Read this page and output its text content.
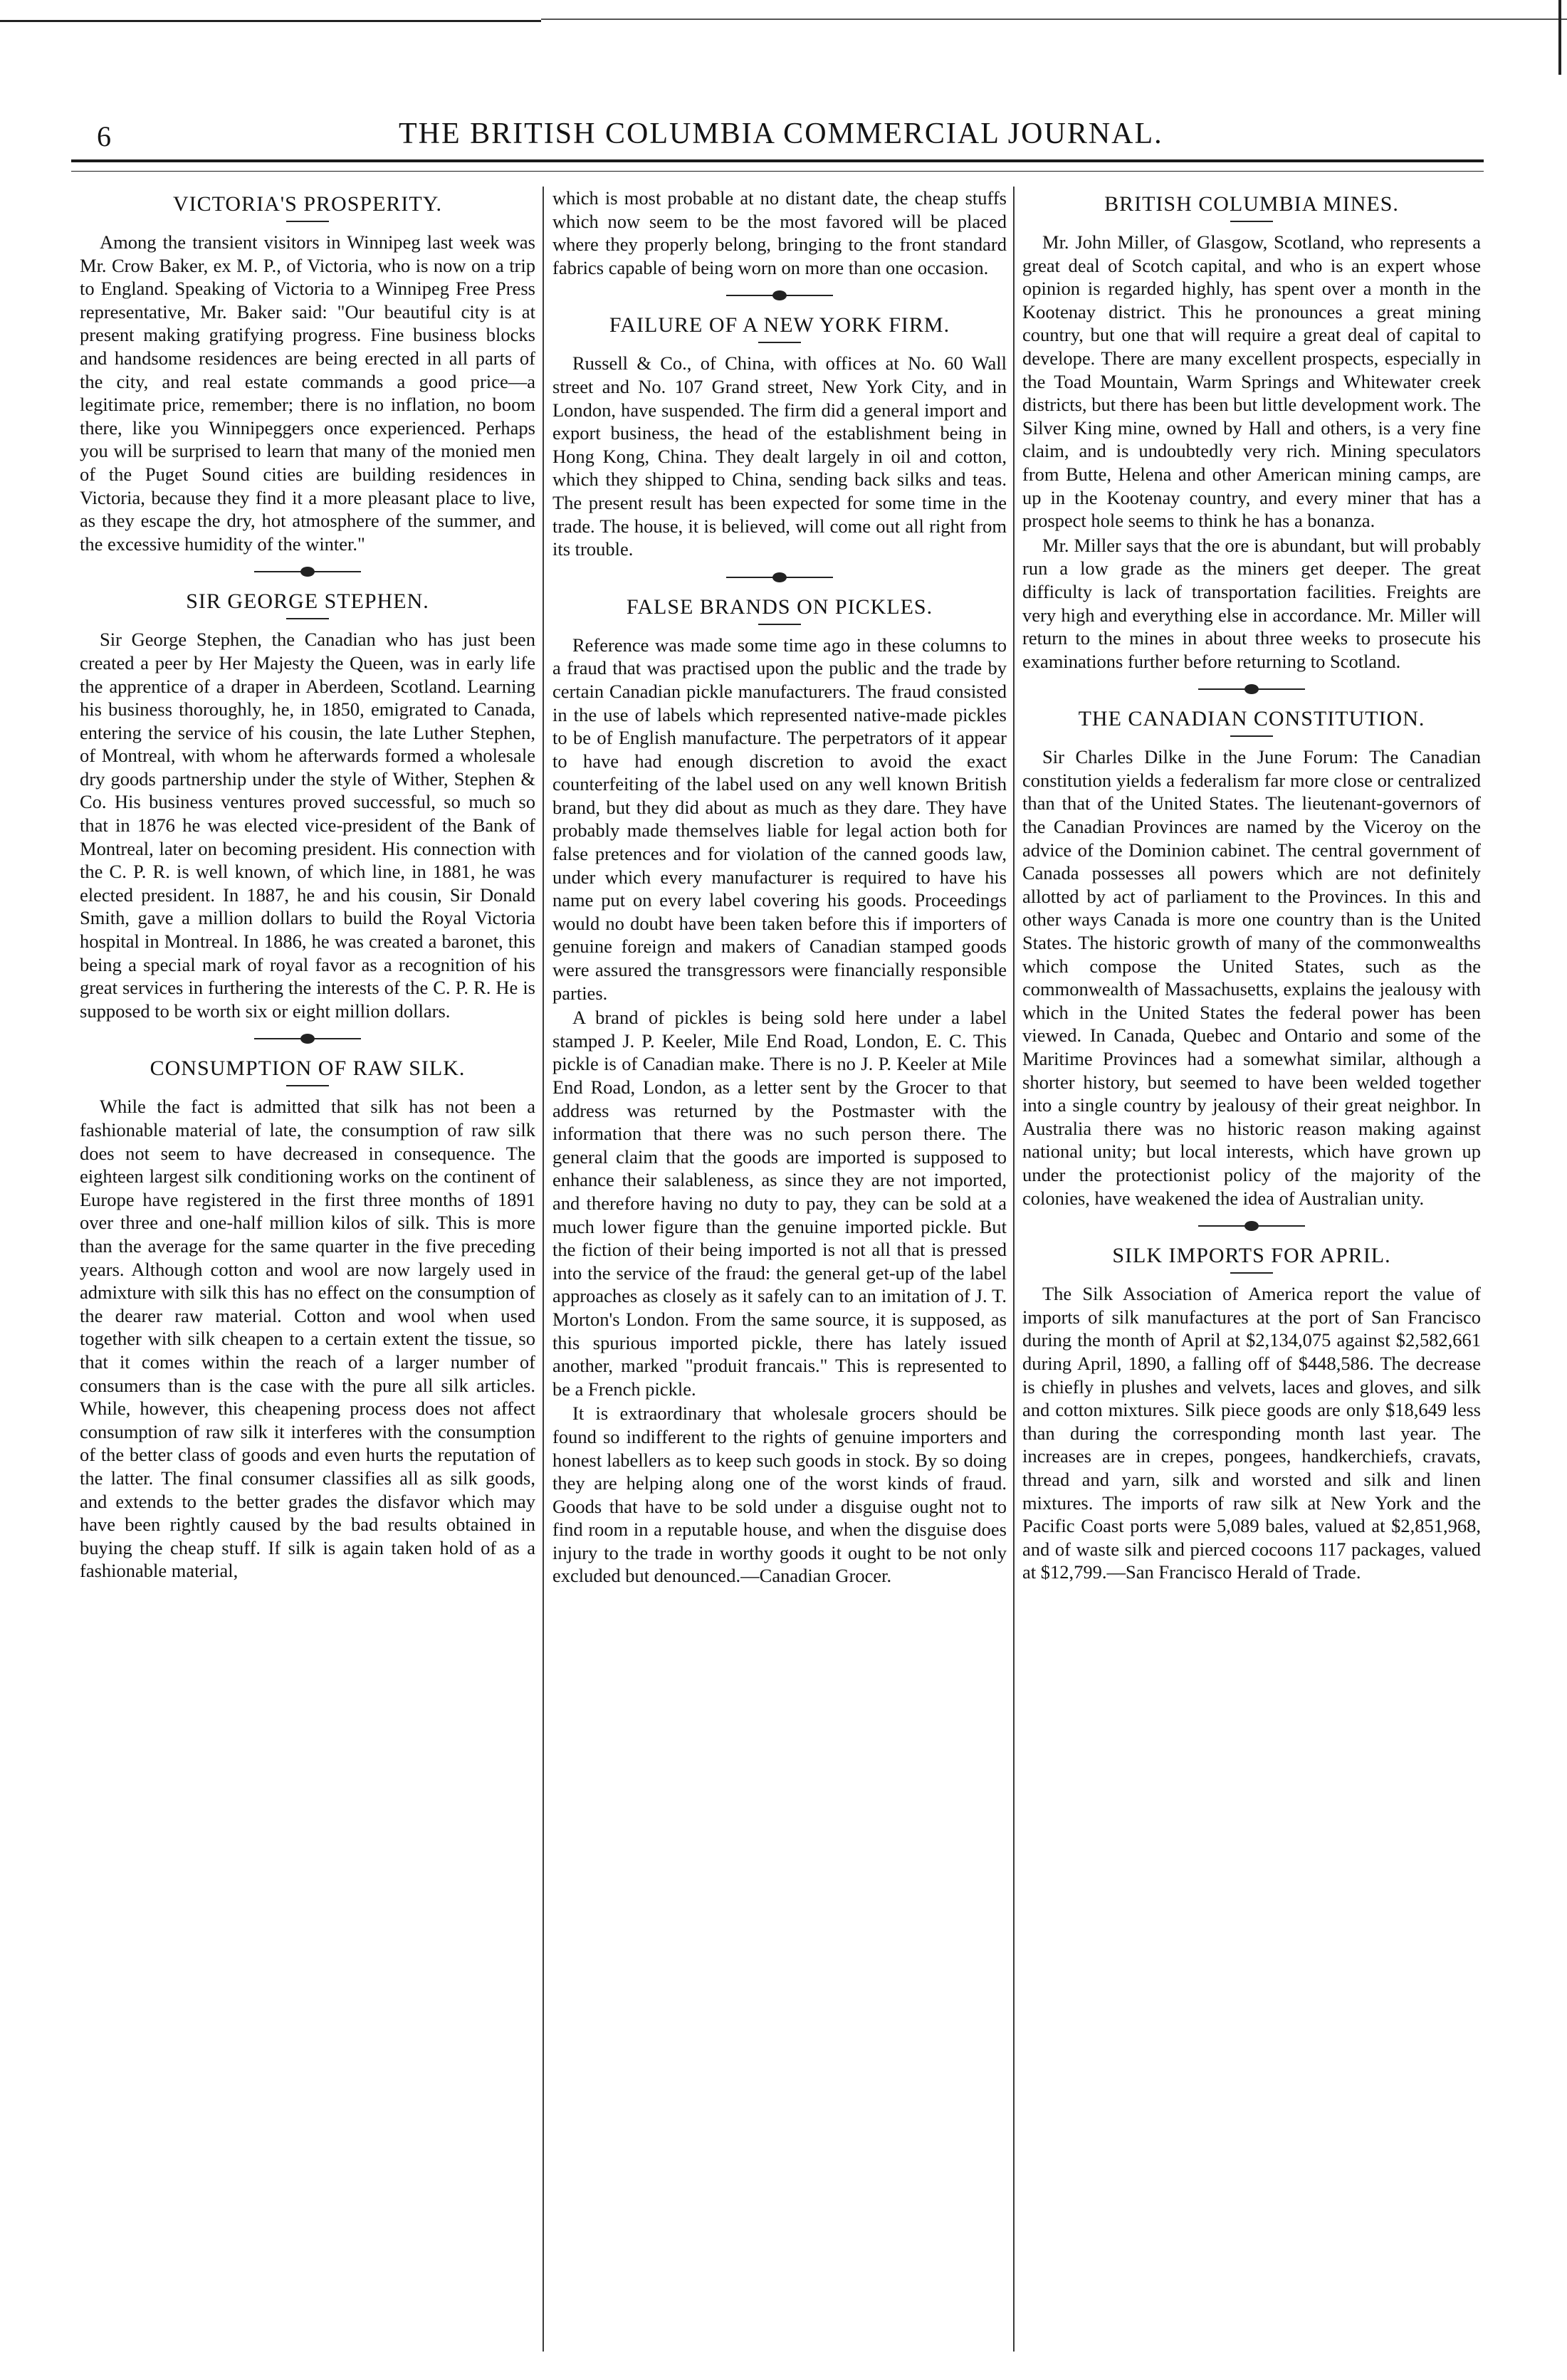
6	THE BRITISH COLUMBIA COMMERCIAL JOURNAL.
VICTORIA'S PROSPERITY.

Among the transient visitors in Winnipeg last week was Mr. Crow Baker, ex M. P., of Victoria, who is now on a trip to England. Speaking of Victoria to a Winnipeg Free Press representative, Mr. Baker said: "Our beautiful city is at present making gratifying progress. Fine business blocks and handsome residences are being erected in all parts of the city, and real estate commands a good price—a legitimate price, remember; there is no inflation, no boom there, like you Winnipeggers once experienced. Perhaps you will be surprised to learn that many of the monied men of the Puget Sound cities are building residences in Victoria, because they find it a more pleasant place to live, as they escape the dry, hot atmosphere of the summer, and the excessive humidity of the winter."

SIR GEORGE STEPHEN.

Sir George Stephen, the Canadian who has just been created a peer by Her Majesty the Queen, was in early life the apprentice of a draper in Aberdeen, Scotland. Learning his business thoroughly, he, in 1850, emigrated to Canada, entering the service of his cousin, the late Luther Stephen, of Montreal, with whom he afterwards formed a wholesale dry goods partnership under the style of Wither, Stephen & Co. His business ventures proved successful, so much so that in 1876 he was elected vice-president of the Bank of Montreal, later on becoming president. His connection with the C. P. R. is well known, of which line, in 1881, he was elected president. In 1887, he and his cousin, Sir Donald Smith, gave a million dollars to build the Royal Victoria hospital in Montreal. In 1886, he was created a baronet, this being a special mark of royal favor as a recognition of his great services in furthering the interests of the C. P. R. He is supposed to be worth six or eight million dollars.

CONSUMPTION OF RAW SILK.

While the fact is admitted that silk has not been a fashionable material of late, the consumption of raw silk does not seem to have decreased in consequence. The eighteen largest silk conditioning works on the continent of Europe have registered in the first three months of 1891 over three and one-half million kilos of silk. This is more than the average for the same quarter in the five preceding years. Although cotton and wool are now largely used in admixture with silk this has no effect on the consumption of the dearer raw material. Cotton and wool when used together with silk cheapen to a certain extent the tissue, so that it comes within the reach of a larger number of consumers than is the case with the pure all silk articles. While, however, this cheapening process does not affect consumption of raw silk it interferes with the consumption of the better class of goods and even hurts the reputation of the latter. The final consumer classifies all as silk goods, and extends to the better grades the disfavor which may have been rightly caused by the bad results obtained in buying the cheap stuff. If silk is again taken hold of as a fashionable material,

which is most probable at no distant date, the cheap stuffs which now seem to be the most favored will be placed where they properly belong, bringing to the front standard fabrics capable of being worn on more than one occasion.

FAILURE OF A NEW YORK FIRM.

Russell & Co., of China, with offices at No. 60 Wall street and No. 107 Grand street, New York City, and in London, have suspended. The firm did a general import and export business, the head of the establishment being in Hong Kong, China. They dealt largely in oil and cotton, which they shipped to China, sending back silks and teas. The present result has been expected for some time in the trade. The house, it is believed, will come out all right from its trouble.

FALSE BRANDS ON PICKLES.

Reference was made some time ago in these columns to a fraud that was practised upon the public and the trade by certain Canadian pickle manufacturers. The fraud consisted in the use of labels which represented native-made pickles to be of English manufacture. The perpetrators of it appear to have had enough discretion to avoid the exact counterfeiting of the label used on any well known British brand, but they did about as much as they dare. They have probably made themselves liable for legal action both for false pretences and for violation of the canned goods law, under which every manufacturer is required to have his name put on every label covering his goods. Proceedings would no doubt have been taken before this if importers of genuine foreign and makers of Canadian stamped goods were assured the transgressors were financially responsible parties.

A brand of pickles is being sold here under a label stamped J. P. Keeler, Mile End Road, London, E. C. This pickle is of Canadian make. There is no J. P. Keeler at Mile End Road, London, as a letter sent by the Grocer to that address was returned by the Postmaster with the information that there was no such person there. The general claim that the goods are imported is supposed to enhance their salableness, as since they are not imported, and therefore having no duty to pay, they can be sold at a much lower figure than the genuine imported pickle. But the fiction of their being imported is not all that is pressed into the service of the fraud: the general get-up of the label approaches as closely as it safely can to an imitation of J. T. Morton's London. From the same source, it is supposed, as this spurious imported pickle, there has lately issued another, marked "produit francais." This is represented to be a French pickle.

It is extraordinary that wholesale grocers should be found so indifferent to the rights of genuine importers and honest labellers as to keep such goods in stock. By so doing they are helping along one of the worst kinds of fraud. Goods that have to be sold under a disguise ought not to find room in a reputable house, and when the disguise does injury to the trade in worthy goods it ought to be not only excluded but denounced.—Canadian Grocer.

BRITISH COLUMBIA MINES.

Mr. John Miller, of Glasgow, Scotland, who represents a great deal of Scotch capital, and who is an expert whose opinion is regarded highly, has spent over a month in the Kootenay district. This he pronounces a great mining country, but one that will require a great deal of capital to develope. There are many excellent prospects, especially in the Toad Mountain, Warm Springs and Whitewater creek districts, but there has been but little development work. The Silver King mine, owned by Hall and others, is a very fine claim, and is undoubtedly very rich. Mining speculators from Butte, Helena and other American mining camps, are up in the Kootenay country, and every miner that has a prospect hole seems to think he has a bonanza.

Mr. Miller says that the ore is abundant, but will probably run a low grade as the miners get deeper. The great difficulty is lack of transportation facilities. Freights are very high and everything else in accordance. Mr. Miller will return to the mines in about three weeks to prosecute his examinations further before returning to Scotland.

THE CANADIAN CONSTITUTION.

Sir Charles Dilke in the June Forum: The Canadian constitution yields a federalism far more close or centralized than that of the United States. The lieutenant-governors of the Canadian Provinces are named by the Viceroy on the advice of the Dominion cabinet. The central government of Canada possesses all powers which are not definitely allotted by act of parliament to the Provinces. In this and other ways Canada is more one country than is the United States. The historic growth of many of the commonwealths which compose the United States, such as the commonwealth of Massachusetts, explains the jealousy with which in the United States the federal power has been viewed. In Canada, Quebec and Ontario and some of the Maritime Provinces had a somewhat similar, although a shorter history, but seemed to have been welded together into a single country by jealousy of their great neighbor. In Australia there was no historic reason making against national unity; but local interests, which have grown up under the protectionist policy of the majority of the colonies, have weakened the idea of Australian unity.

SILK IMPORTS FOR APRIL.

The Silk Association of America report the value of imports of silk manufactures at the port of San Francisco during the month of April at $2,134,075 against $2,582,661 during April, 1890, a falling off of $448,586. The decrease is chiefly in plushes and velvets, laces and gloves, and silk and cotton mixtures. Silk piece goods are only $18,649 less than during the corresponding month last year. The increases are in crepes, pongees, handkerchiefs, cravats, thread and yarn, silk and worsted and silk and linen mixtures. The imports of raw silk at New York and the Pacific Coast ports were 5,089 bales, valued at $2,851,968, and of waste silk and pierced cocoons 117 packages, valued at $12,799.—San Francisco Herald of Trade.
